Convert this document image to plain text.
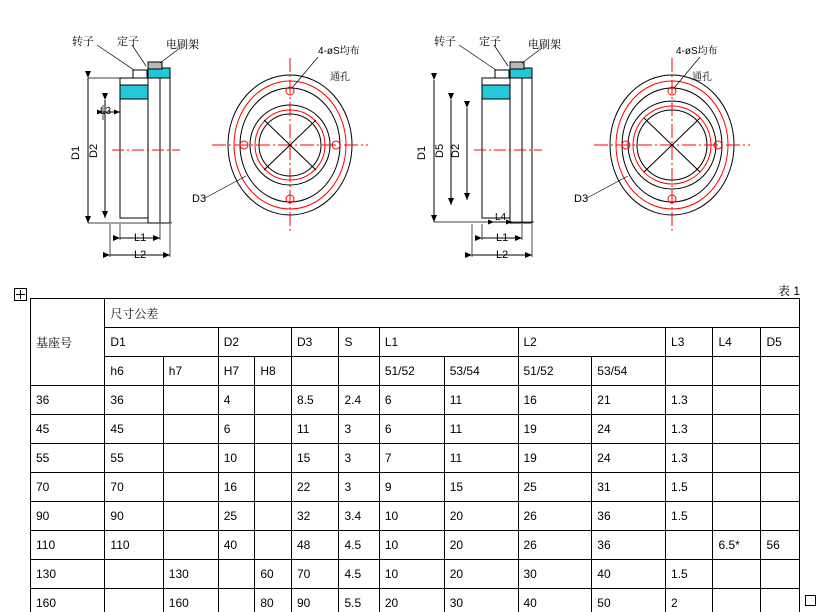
转子 定子 电刷架
D1 D2
L3
L1
L2
D3
4-øS均布
通孔
转子 定子 电刷架
D1 D5 D2
L4
L1
L2
D3
4-øS均布
通孔
表 1
基座号	尺寸公差												
	D1		D2		D3	S	L1		L2		L3	L4	D5
	h6	h7	H7	H8			51/52	53/54	51/52	53/54			
36	36		4		8.5	2.4	6	11	16	21	1.3		
45	45		6		11	3	6	11	19	24	1.3		
55	55		10		15	3	7	11	19	24	1.3		
70	70		16		22	3	9	15	25	31	1.5		
90	90		25		32	3.4	10	20	26	36	1.5		
110	110		40		48	4.5	10	20	26	36		6.5*	56
130		130		60	70	4.5	10	20	30	40	1.5		
160		160		80	90	5.5	20	30	40	50	2		
